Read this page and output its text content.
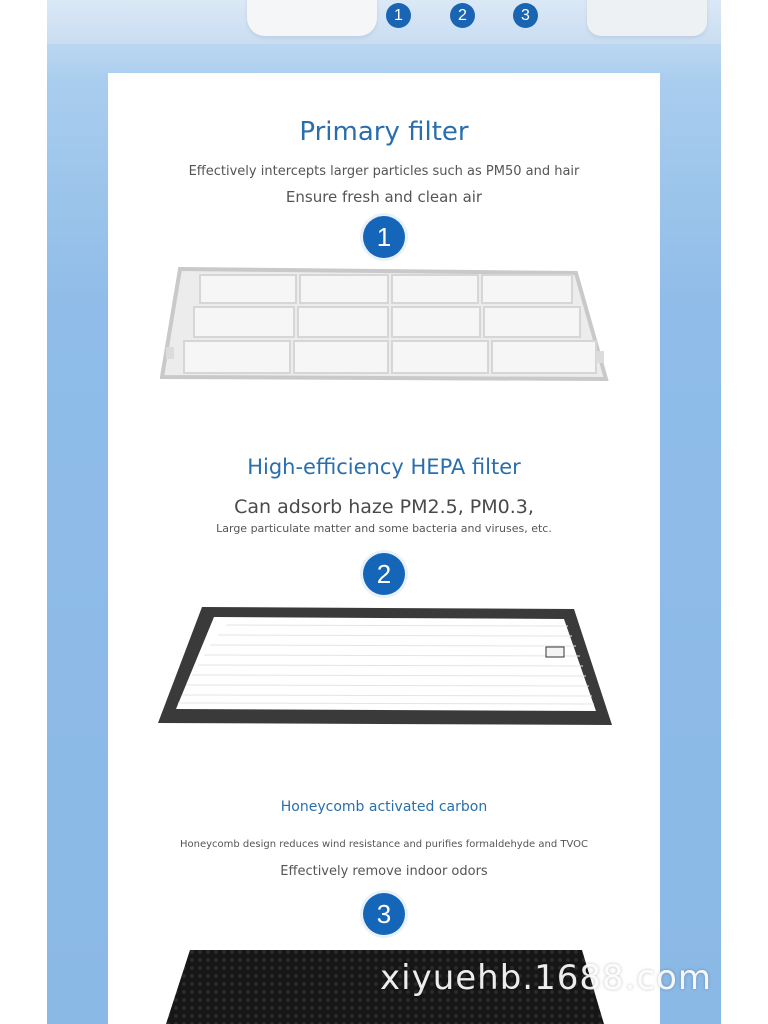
1	2	3
Primary filter
Effectively intercepts larger particles such as PM50 and hair
Ensure fresh and clean air
1
High-efficiency HEPA filter
Can adsorb haze PM2.5, PM0.3,
Large particulate matter and some bacteria and viruses, etc.
2
Honeycomb activated carbon
Honeycomb design reduces wind resistance and purifies formaldehyde and TVOC
Effectively remove indoor odors
3
xiyuehb.1688.com
